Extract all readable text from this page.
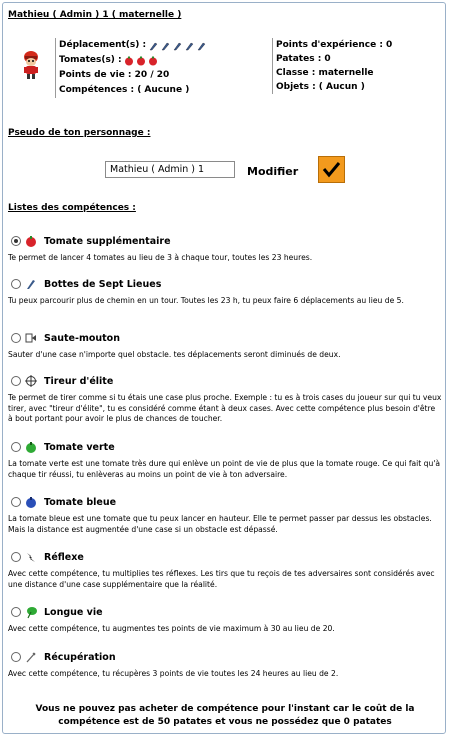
Mathieu ( Admin ) 1 ( maternelle )
Déplacement(s) :
Tomates(s) :
Points de vie : 20 / 20
Compétences : ( Aucune )
Points d'expérience : 0
Patates : 0
Classe : maternelle
Objets : ( Aucun )
Pseudo de ton personnage :
Mathieu ( Admin ) 1
Modifier
Listes des compétences :
Tomate supplémentaire
Te permet de lancer 4 tomates au lieu de 3 à chaque tour, toutes les 23 heures.
Bottes de Sept Lieues
Tu peux parcourir plus de chemin en un tour. Toutes les 23 h, tu peux faire 6 déplacements au lieu de 5.
Saute-mouton
Sauter d'une case n'importe quel obstacle. tes déplacements seront diminués de deux.
Tireur d'élite
Te permet de tirer comme si tu étais une case plus proche. Exemple : tu es à trois cases du joueur sur qui tu veux tirer, avec "tireur d'élite", tu es considéré comme étant à deux cases. Avec cette compétence plus besoin d'être à bout portant pour avoir le plus de chances de toucher.
Tomate verte
La tomate verte est une tomate très dure qui enlève un point de vie de plus que la tomate rouge. Ce qui fait qu'à chaque tir réussi, tu enlèveras au moins un point de vie à ton adversaire.
Tomate bleue
La tomate bleue est une tomate que tu peux lancer en hauteur. Elle te permet passer par dessus les obstacles. Mais la distance est augmentée d'une case si un obstacle est dépassé.
Réflexe
Avec cette compétence, tu multiplies tes réflexes. Les tirs que tu reçois de tes adversaires sont considérés avec une distance d'une case supplémentaire que la réalité.
Longue vie
Avec cette compétence, tu augmentes tes points de vie maximum à 30 au lieu de 20.
Récupération
Avec cette compétence, tu récupères 3 points de vie toutes les 24 heures au lieu de 2.
Vous ne pouvez pas acheter de compétence pour l'instant car le coût de la
compétence est de 50 patates et vous ne possédez que 0 patates
